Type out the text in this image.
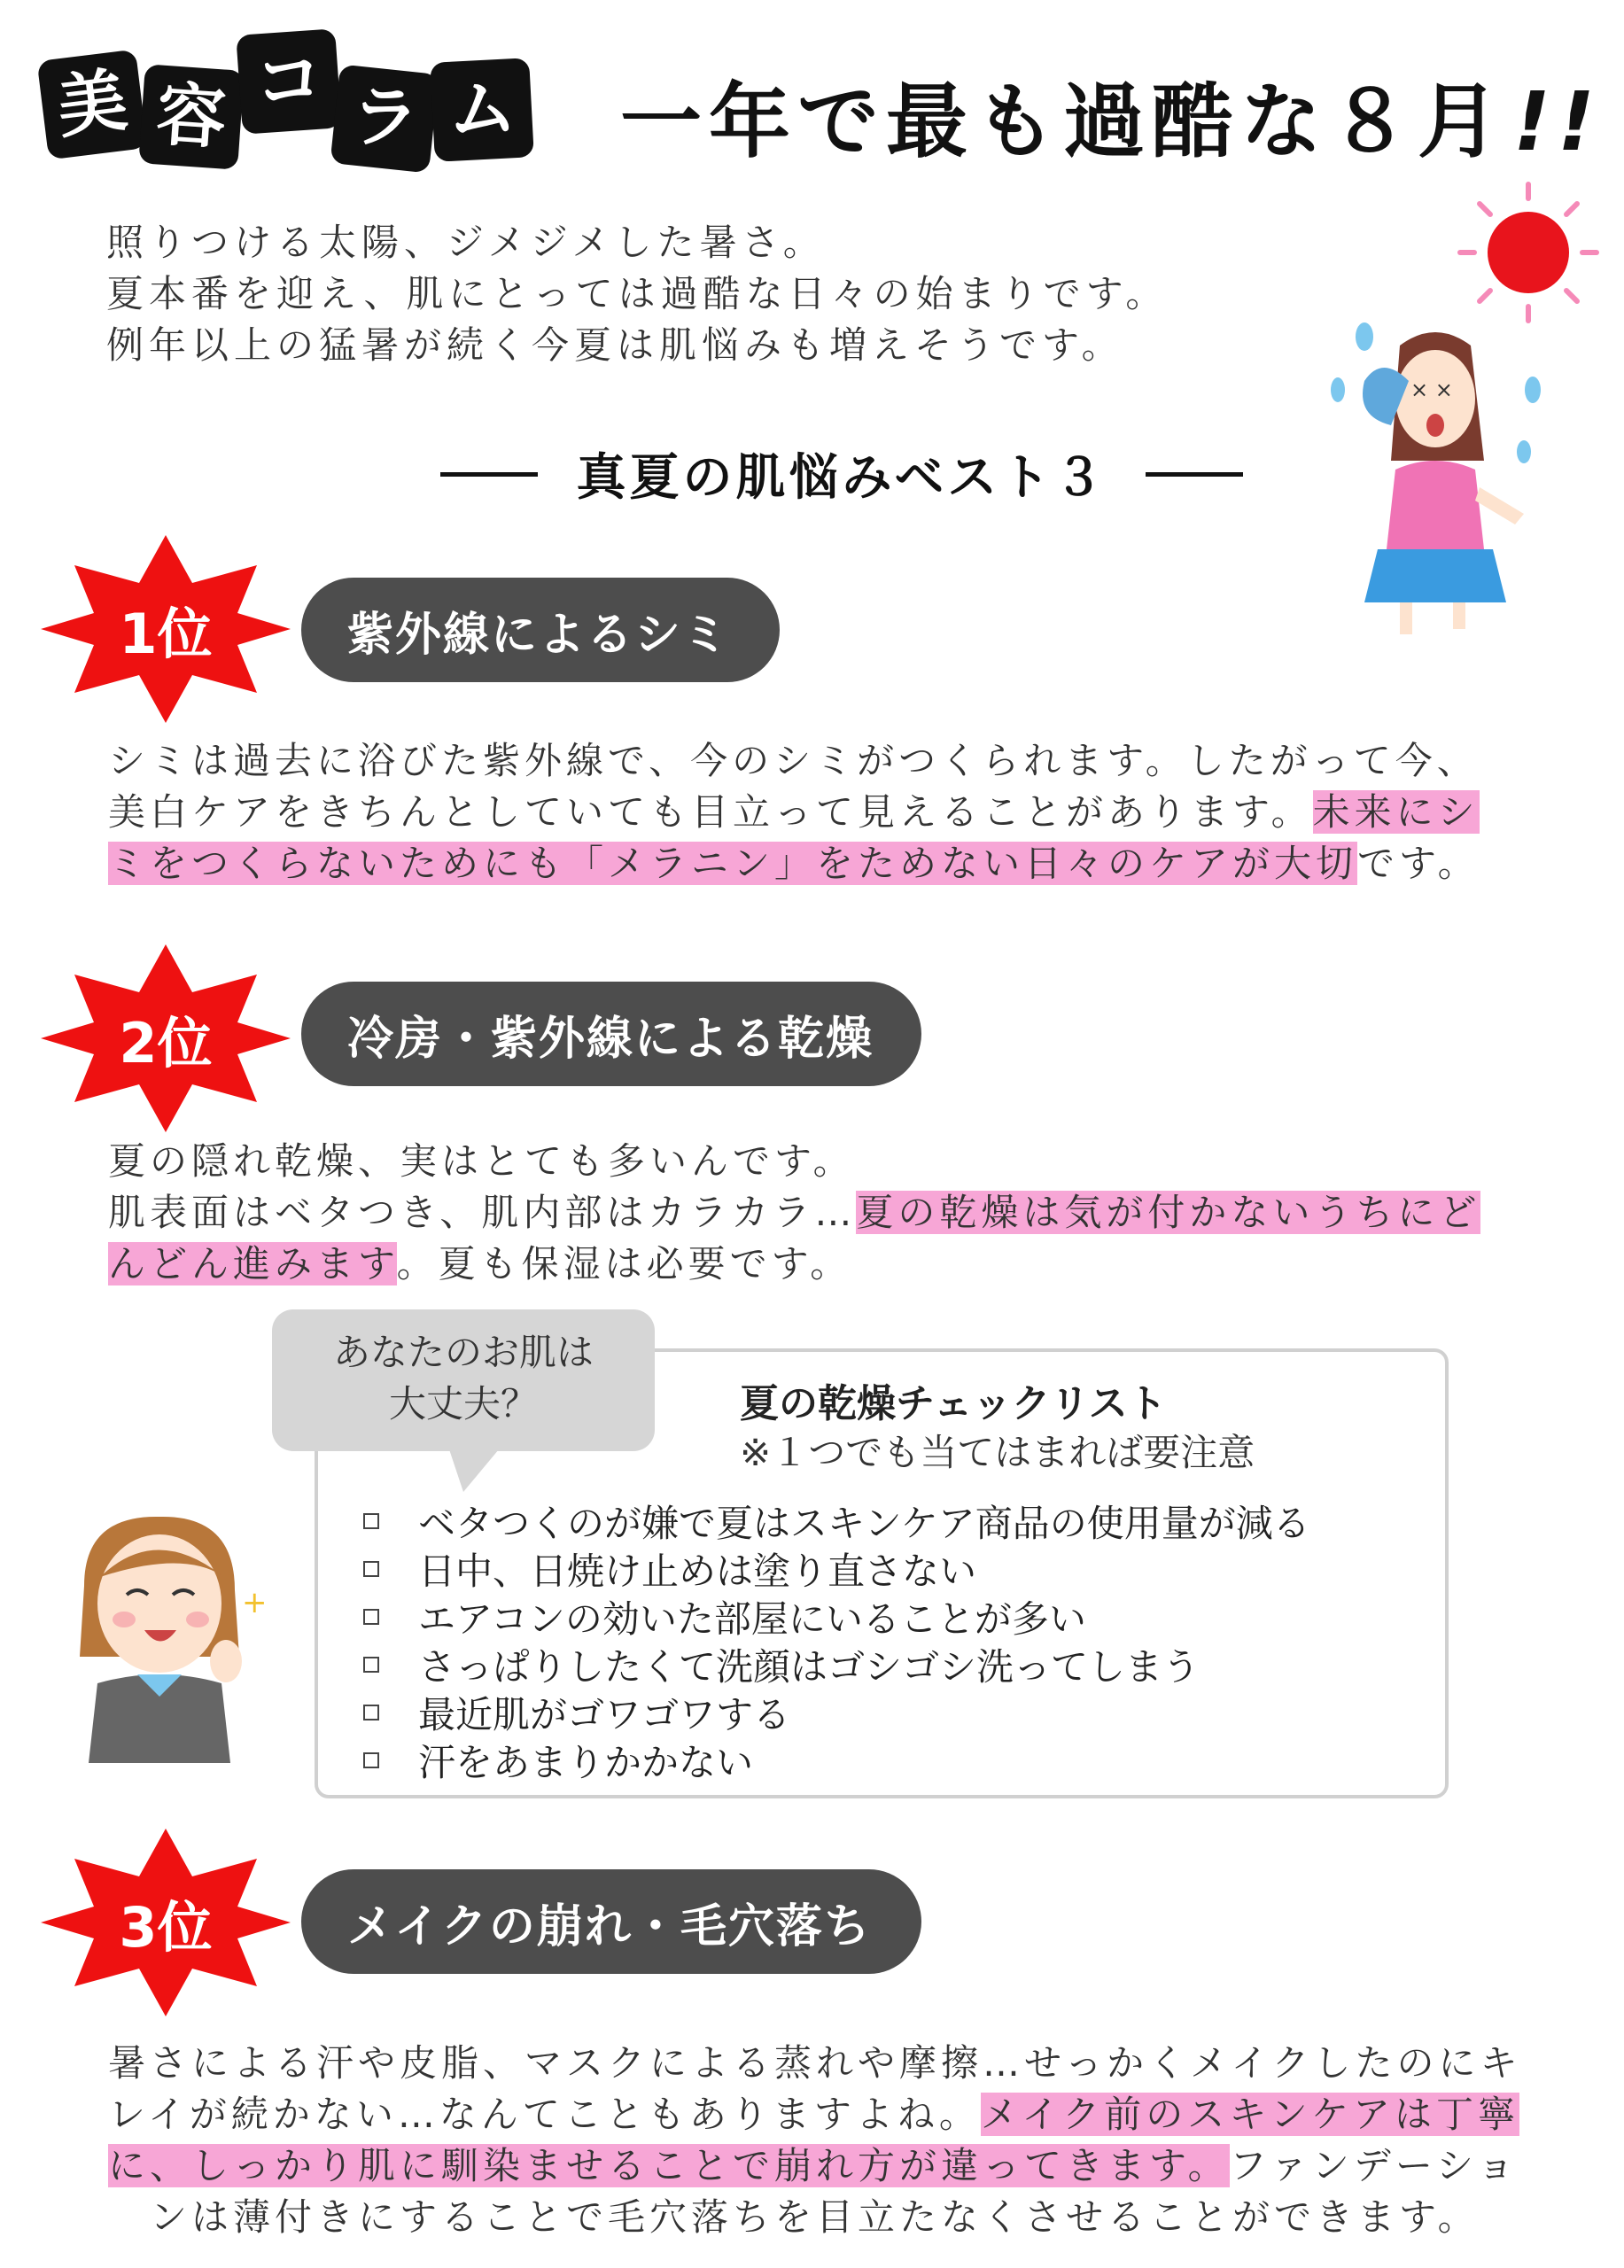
美 容 コ ラ ム 一年で最も過酷な８月!!
× ×
照りつける太陽、ジメジメした暑さ。
夏本番を迎え、肌にとっては過酷な日々の始まりです。
例年以上の猛暑が続く今夏は肌悩みも増えそうです。
真夏の肌悩みベスト３
1位	紫外線によるシミ
シミは過去に浴びた紫外線で、今のシミがつくられます。したがって今、
美白ケアをきちんとしていても目立って見えることがあります。未来にシ
ミをつくらないためにも「メラニン」をためない日々のケアが大切です。
2位	冷房・紫外線による乾燥
夏の隠れ乾燥、実はとても多いんです。
肌表面はベタつき、肌内部はカラカラ…夏の乾燥は気が付かないうちにど
んどん進みます。夏も保湿は必要です。
あなたのお肌は
大丈夫？	夏の乾燥チェックリスト
※１つでも当てはまれば要注意
ベタつくのが嫌で夏はスキンケア商品の使用量が減る
日中、日焼け止めは塗り直さない
エアコンの効いた部屋にいることが多い
さっぱりしたくて洗顔はゴシゴシ洗ってしまう
最近肌がゴワゴワする
汗をあまりかかない
+
3位	メイクの崩れ・毛穴落ち
暑さによる汗や皮脂、マスクによる蒸れや摩擦…せっかくメイクしたのにキ
レイが続かない…なんてこともありますよね。メイク前のスキンケアは丁寧
に、しっかり肌に馴染ませることで崩れ方が違ってきます。ファンデーショ
　ンは薄付きにすることで毛穴落ちを目立たなくさせることができます。
